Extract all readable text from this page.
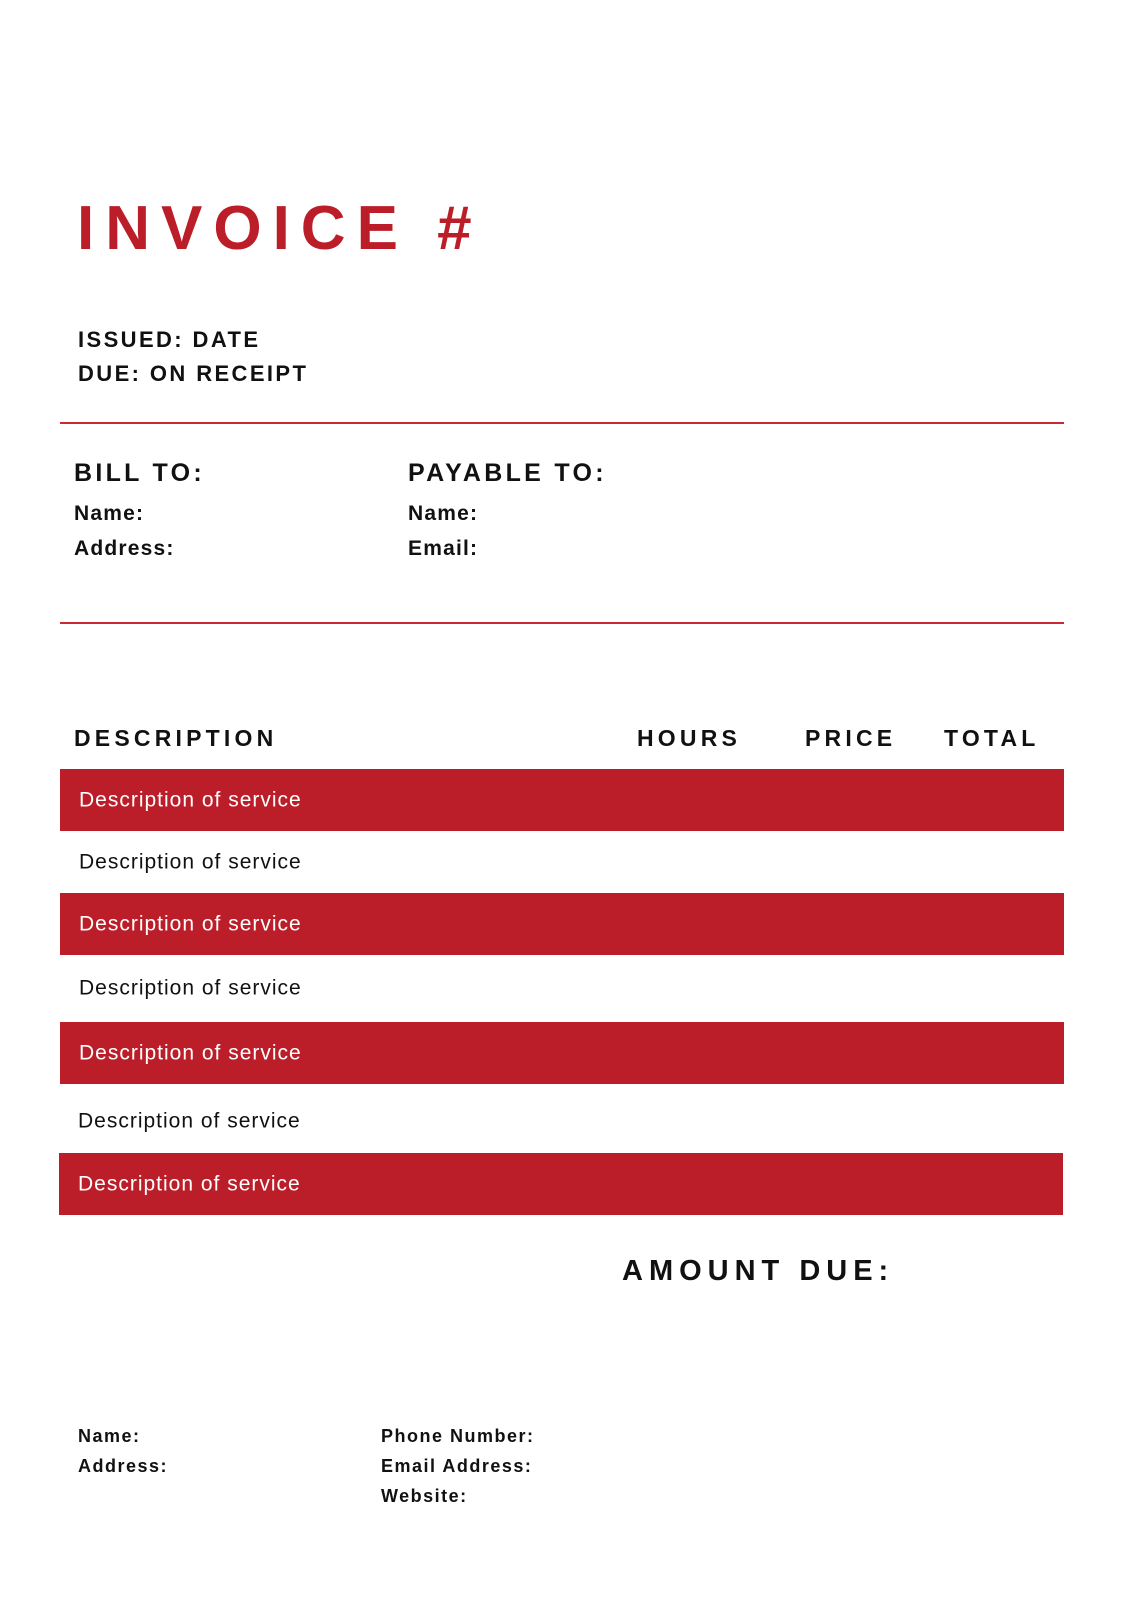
INVOICE #
ISSUED: DATE
DUE: ON RECEIPT
BILL TO:
Name:
Address:
PAYABLE TO:
Name:
Email:
DESCRIPTION	HOURS	PRICE TOTAL
Description of service
Description of service
Description of service
Description of service
Description of service
Description of service
Description of service
AMOUNT DUE:
Name:
Address:
Phone Number:
Email Address:
Website:
